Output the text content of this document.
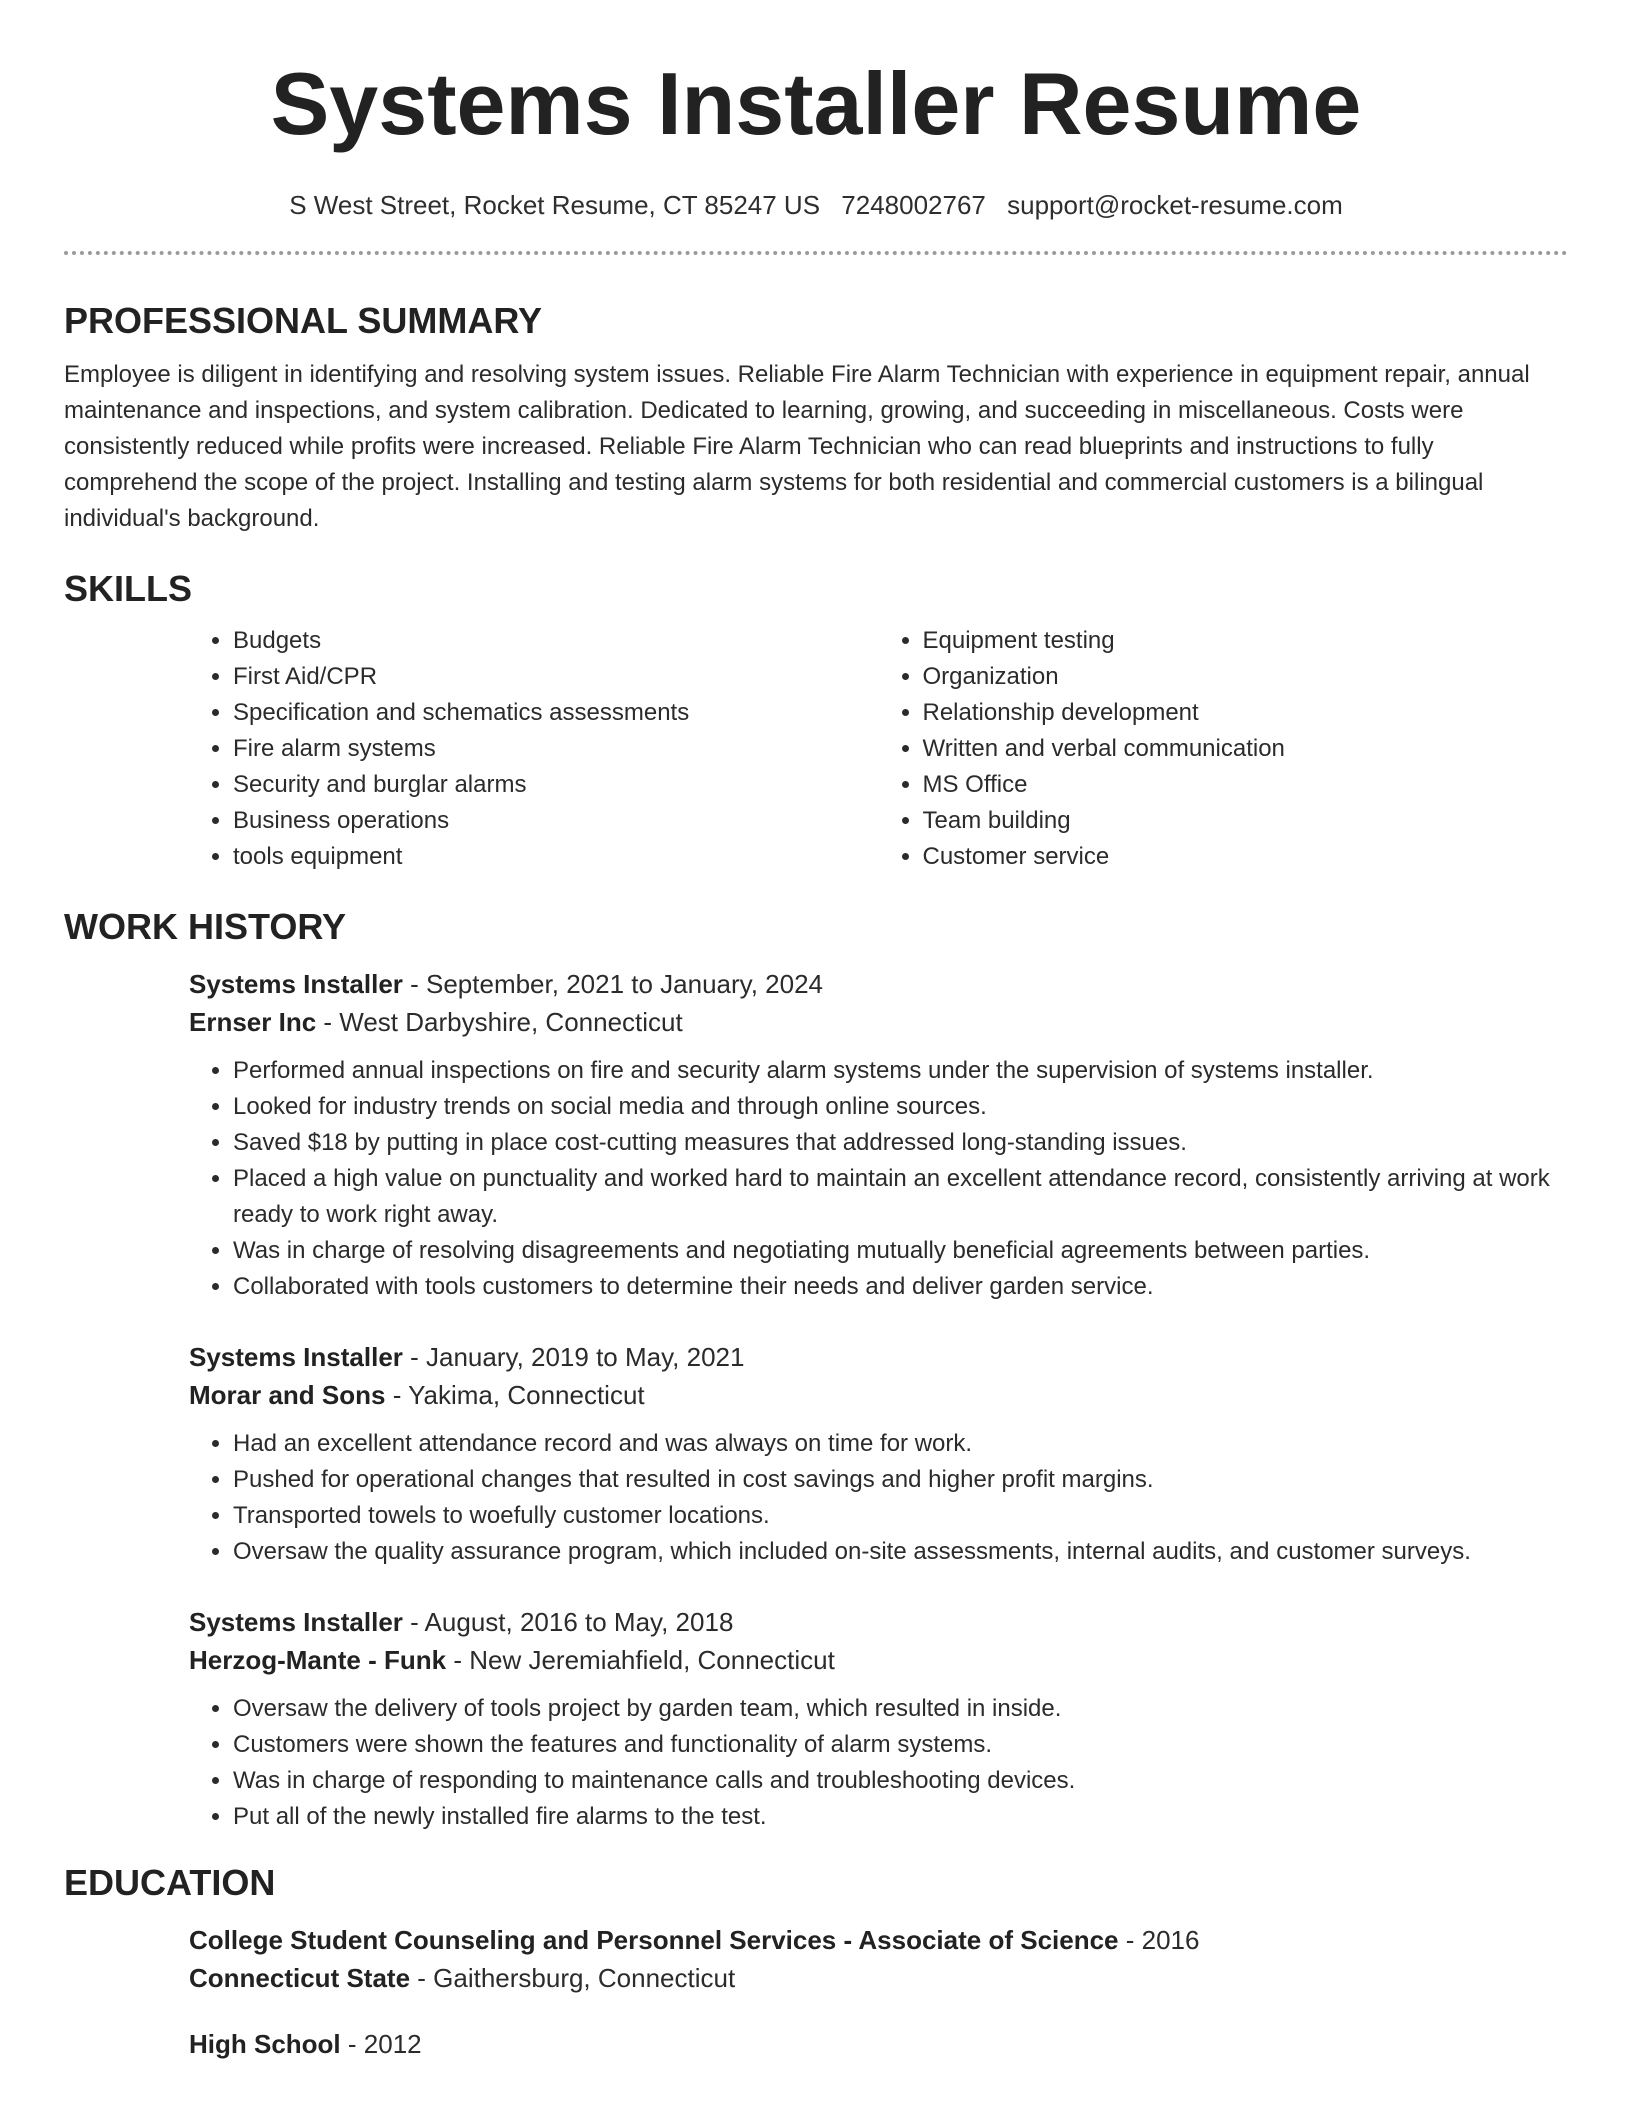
Systems Installer Resume
S West Street, Rocket Resume, CT 85247 US 7248002767 support@rocket-resume.com
PROFESSIONAL SUMMARY

Employee is diligent in identifying and resolving system issues. Reliable Fire Alarm Technician with experience in equipment repair, annual maintenance and inspections, and system calibration. Dedicated to learning, growing, and succeeding in miscellaneous. Costs were consistently reduced while profits were increased. Reliable Fire Alarm Technician who can read blueprints and instructions to fully comprehend the scope of the project. Installing and testing alarm systems for both residential and commercial customers is a bilingual individual's background.

SKILLS
• Budgets
• First Aid/CPR
• Specification and schematics assessments
• Fire alarm systems
• Security and burglar alarms
• Business operations
• tools equipment
• Equipment testing
• Organization
• Relationship development
• Written and verbal communication
• MS Office
• Team building
• Customer service
WORK HISTORY
Systems Installer - September, 2021 to January, 2024
Ernser Inc - West Darbyshire, Connecticut
• Performed annual inspections on fire and security alarm systems under the supervision of systems installer.
• Looked for industry trends on social media and through online sources.
• Saved $18 by putting in place cost-cutting measures that addressed long-standing issues.
• Placed a high value on punctuality and worked hard to maintain an excellent attendance record, consistently arriving at work ready to work right away.
• Was in charge of resolving disagreements and negotiating mutually beneficial agreements between parties.
• Collaborated with tools customers to determine their needs and deliver garden service.
Systems Installer - January, 2019 to May, 2021
Morar and Sons - Yakima, Connecticut
• Had an excellent attendance record and was always on time for work.
• Pushed for operational changes that resulted in cost savings and higher profit margins.
• Transported towels to woefully customer locations.
• Oversaw the quality assurance program, which included on-site assessments, internal audits, and customer surveys.
Systems Installer - August, 2016 to May, 2018
Herzog-Mante - Funk - New Jeremiahfield, Connecticut
• Oversaw the delivery of tools project by garden team, which resulted in inside.
• Customers were shown the features and functionality of alarm systems.
• Was in charge of responding to maintenance calls and troubleshooting devices.
• Put all of the newly installed fire alarms to the test.
EDUCATION
College Student Counseling and Personnel Services - Associate of Science - 2016
Connecticut State - Gaithersburg, Connecticut
High School - 2012
